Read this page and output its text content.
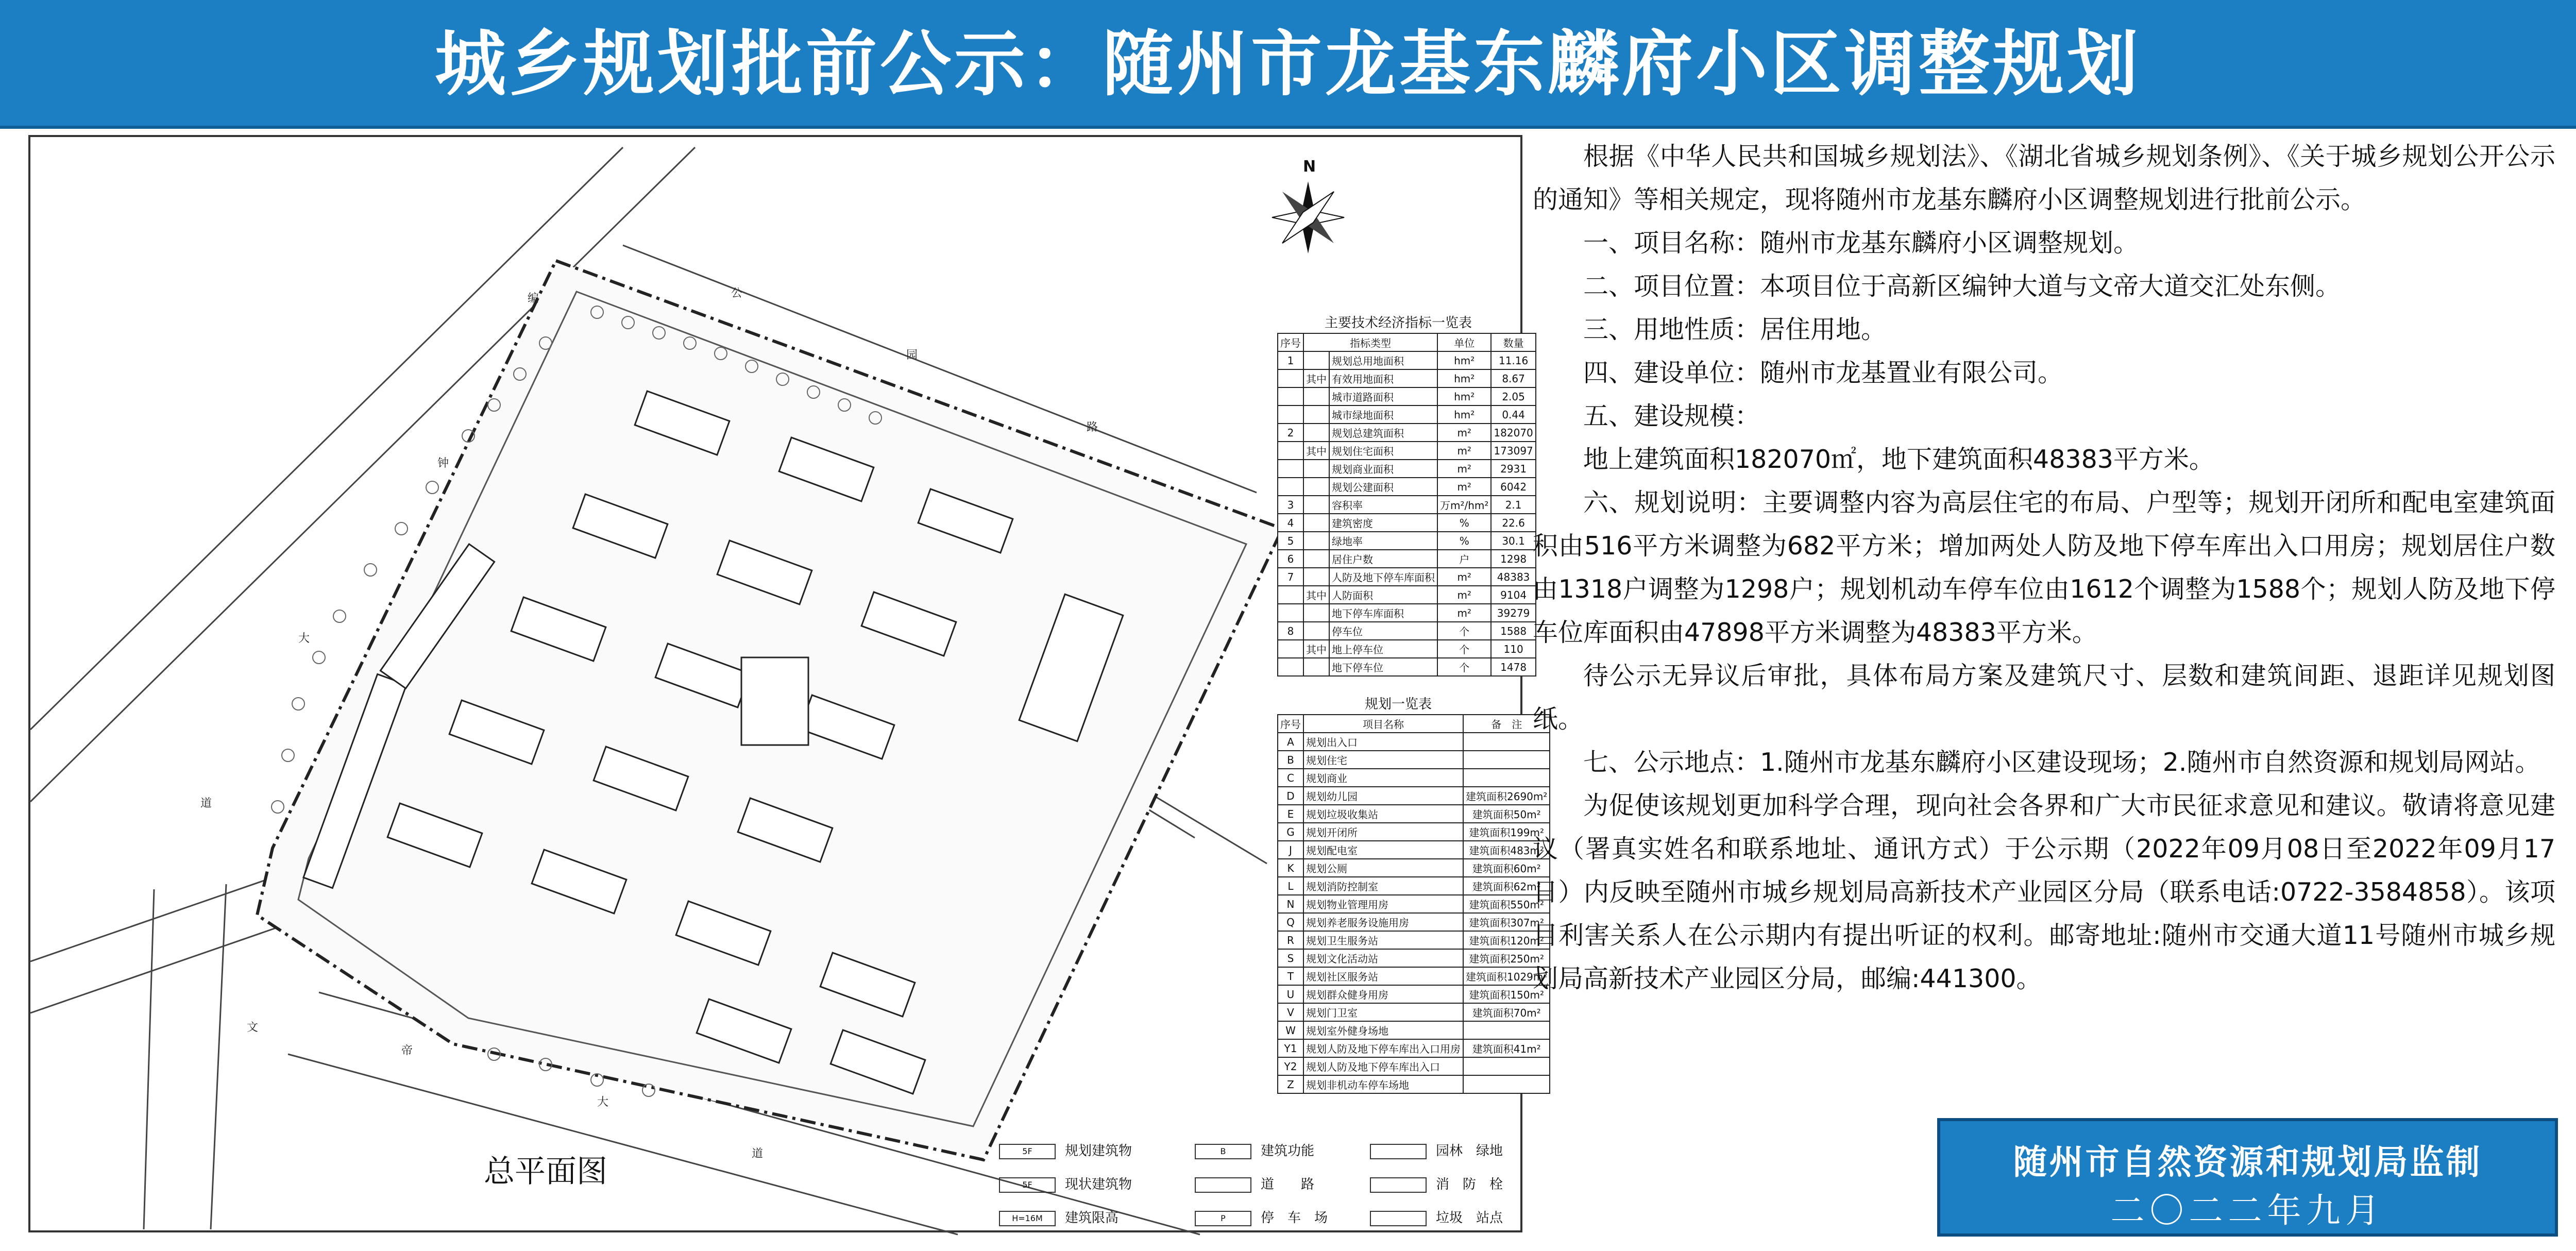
城乡规划批前公示：随州市龙基东麟府小区调整规划
编
钟
大
道
文
帝
大
道
公
园
路
N
主要技术经济指标一览表
序号	指标类型		单位	数量
1		规划总用地面积	hm²	11.16
	其中	有效用地面积	hm²	8.67
		城市道路面积	hm²	2.05
		城市绿地面积	hm²	0.44
2		规划总建筑面积	m²	182070
	其中	规划住宅面积	m²	173097
		规划商业面积	m²	2931
		规划公建面积	m²	6042
3		容积率	万m²/hm²	2.1
4		建筑密度	%	22.6
5		绿地率	%	30.1
6		居住户数	户	1298
7		人防及地下停车库面积	m²	48383
	其中	人防面积	m²	9104
		地下停车库面积	m²	39279
8		停车位	个	1588
	其中	地上停车位	个	110
		地下停车位	个	1478
规划一览表
序号	项目名称	备　注
A	规划出入口	
B	规划住宅	
C	规划商业	
D	规划幼儿园	建筑面积2690m²
E	规划垃圾收集站	建筑面积50m²
G	规划开闭所	建筑面积199m²
J	规划配电室	建筑面积483m²
K	规划公厕	建筑面积60m²
L	规划消防控制室	建筑面积62m²
N	规划物业管理用房	建筑面积550m²
Q	规划养老服务设施用房	建筑面积307m²
R	规划卫生服务站	建筑面积120m²
S	规划文化活动站	建筑面积250m²
T	规划社区服务站	建筑面积1029m²
U	规划群众健身用房	建筑面积150m²
V	规划门卫室	建筑面积70m²
W	规划室外健身场地	
Y1	规划人防及地下停车库出入口用房	建筑面积41m²
Y2	规划人防及地下停车库出入口	
Z	规划非机动车停车场地	
总平面图
5F 规划建筑物	B	建筑功能	园林　绿地
5F 现状建筑物	道　　路	消　防　栓
H=16M 建筑限高	P	停　车　场	垃圾　站点

根据《中华人民共和国城乡规划法》、《湖北省城乡规划条例》、《关于城乡规划公开公示的通知》等相关规定，现将随州市龙基东麟府小区调整规划进行批前公示。

一、项目名称：随州市龙基东麟府小区调整规划。

二、项目位置：本项目位于高新区编钟大道与文帝大道交汇处东侧。

三、用地性质：居住用地。

四、建设单位：随州市龙基置业有限公司。

五、建设规模：

地上建筑面积182070㎡，地下建筑面积48383平方米。

六、规划说明：主要调整内容为高层住宅的布局、户型等；规划开闭所和配电室建筑面积由516平方米调整为682平方米；增加两处人防及地下停车库出入口用房；规划居住户数由1318户调整为1298户；规划机动车停车位由1612个调整为1588个；规划人防及地下停车位库面积由47898平方米调整为48383平方米。

待公示无异议后审批，具体布局方案及建筑尺寸、层数和建筑间距、退距详见规划图纸。

七、公示地点：1.随州市龙基东麟府小区建设现场；2.随州市自然资源和规划局网站。

为促使该规划更加科学合理，现向社会各界和广大市民征求意见和建议。敬请将意见建议（署真实姓名和联系地址、通讯方式）于公示期（2022年09月08日至2022年09月17日）内反映至随州市城乡规划局高新技术产业园区分局（联系电话:0722-3584858）。该项目利害关系人在公示期内有提出听证的权利。邮寄地址:随州市交通大道11号随州市城乡规划局高新技术产业园区分局，邮编:441300。

随州市自然资源和规划局监制
二〇二二年九月
